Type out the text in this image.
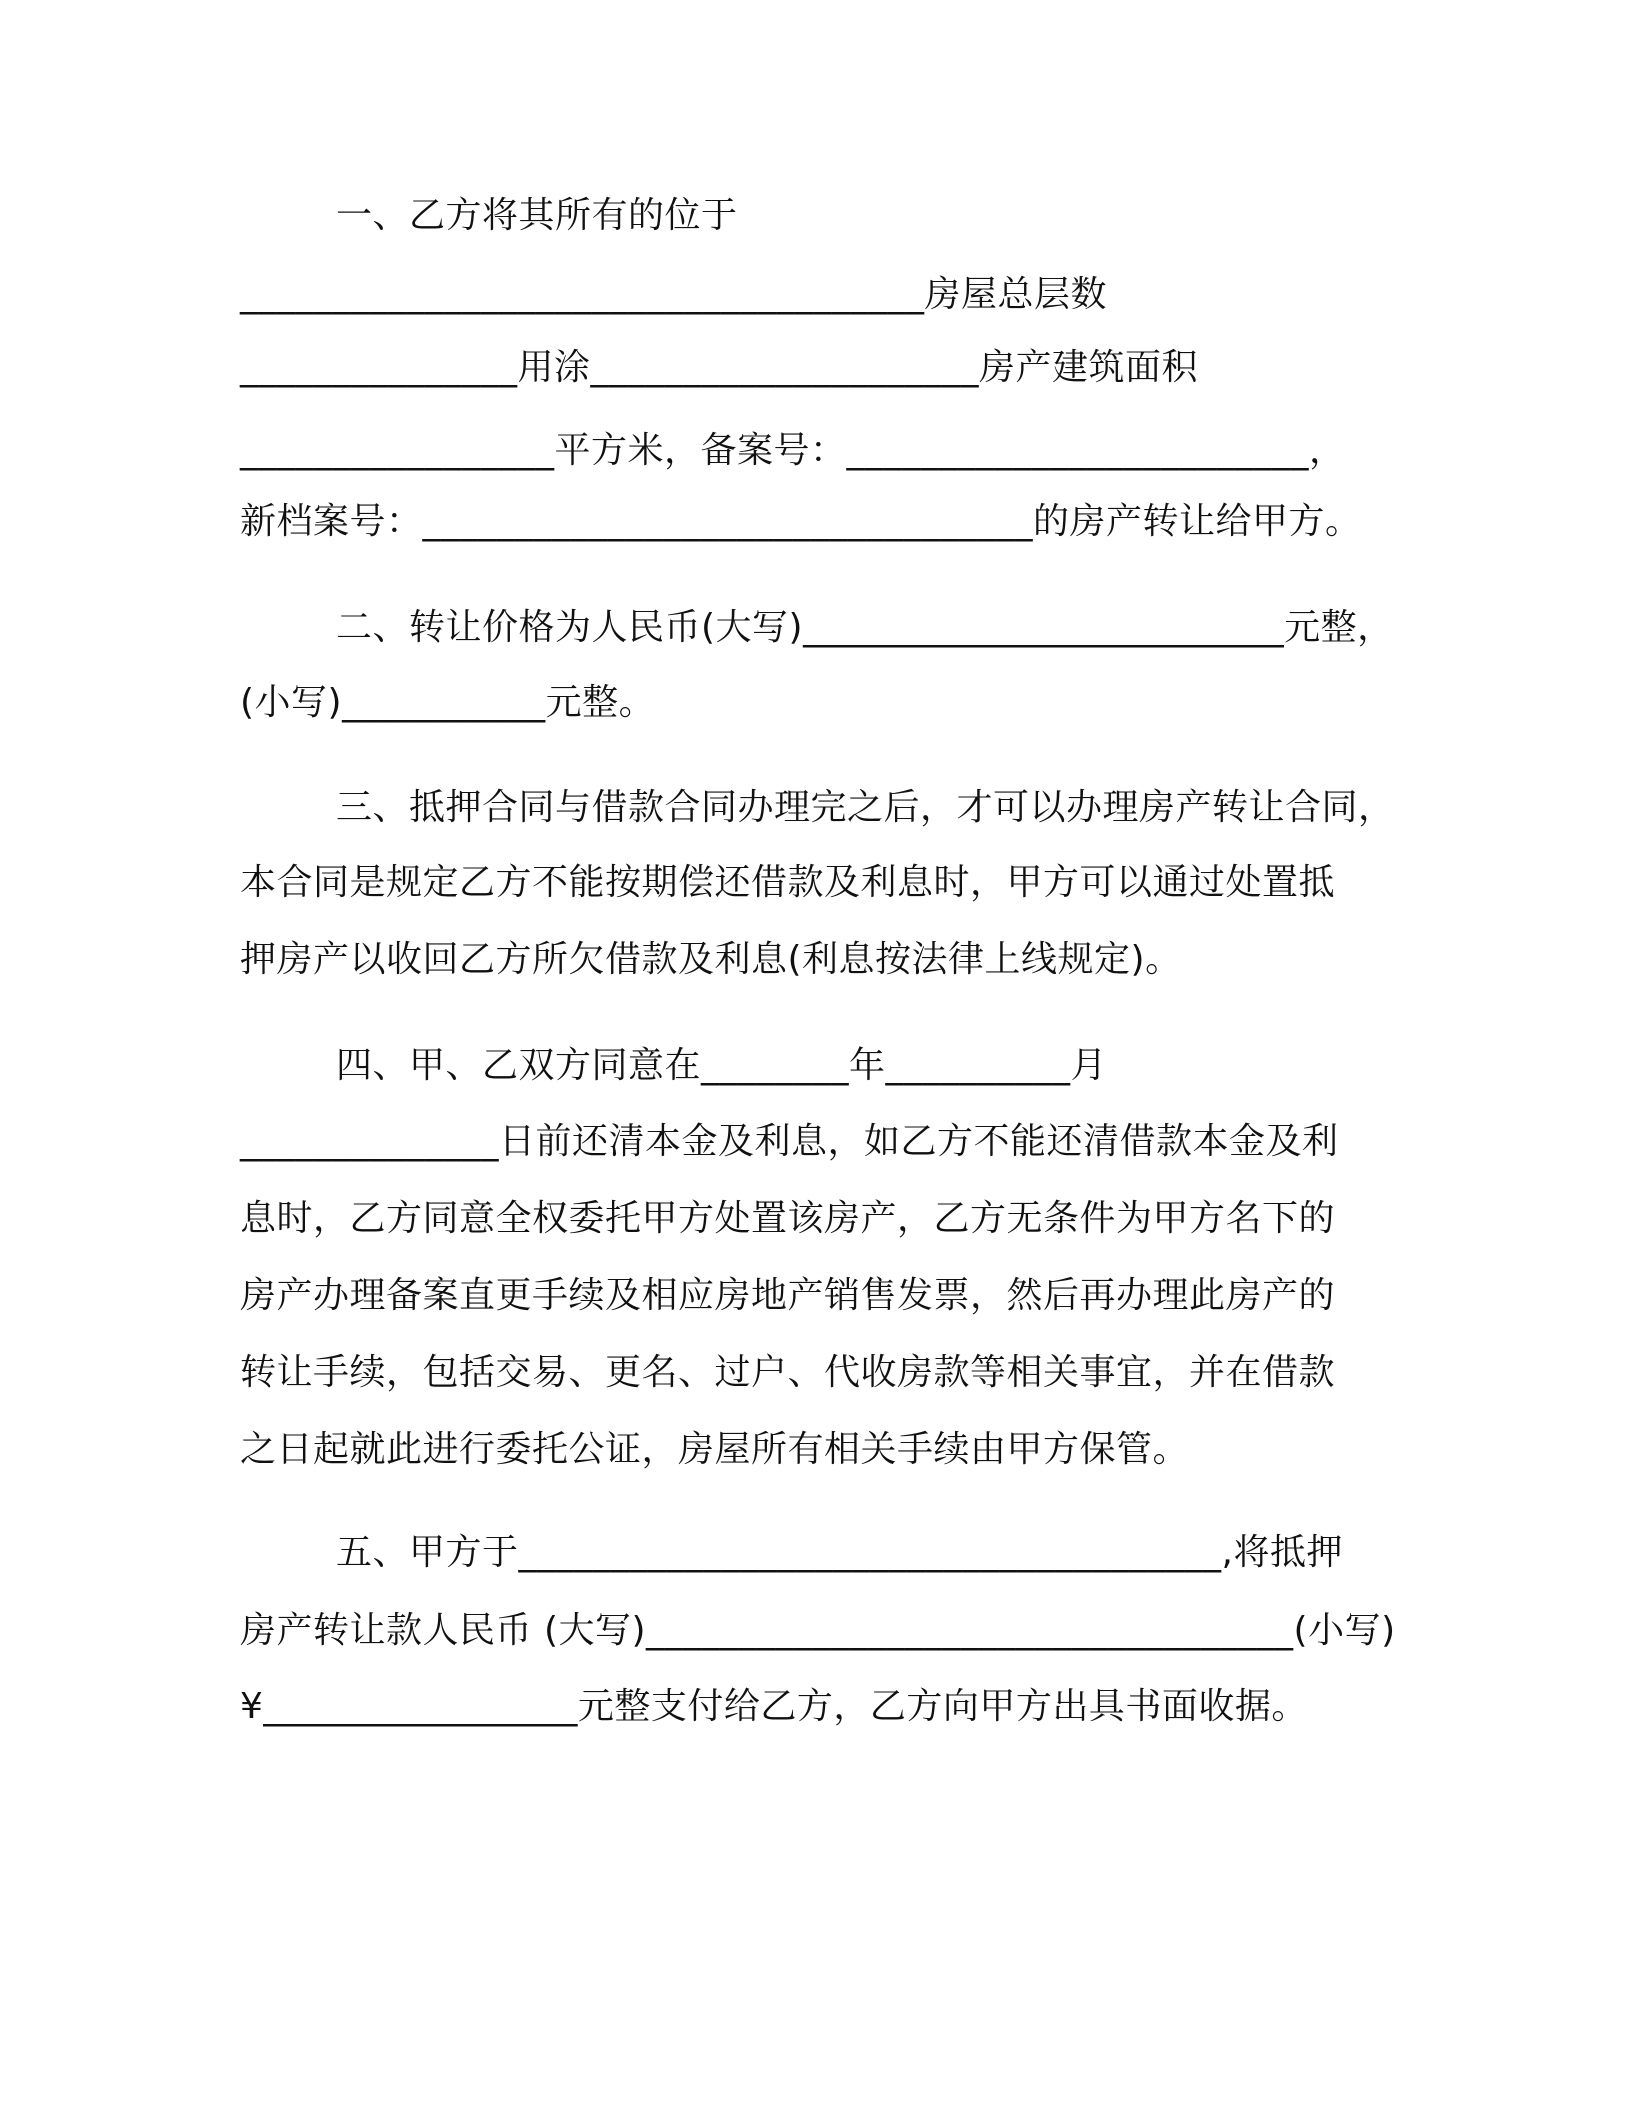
一、乙方将其所有的位于

_____________________________________房屋总层数

_______________用涂_____________________房产建筑面积

_________________平方米，备案号：_________________________，

新档案号：_________________________________的房产转让给甲方。

二、转让价格为人民币(大写)__________________________元整，

(小写)___________元整。

三、抵押合同与借款合同办理完之后，才可以办理房产转让合同，

本合同是规定乙方不能按期偿还借款及利息时，甲方可以通过处置抵

押房产以收回乙方所欠借款及利息(利息按法律上线规定)。

四、甲、乙双方同意在________年__________月

______________日前还清本金及利息，如乙方不能还清借款本金及利

息时，乙方同意全权委托甲方处置该房产，乙方无条件为甲方名下的

房产办理备案直更手续及相应房地产销售发票，然后再办理此房产的

转让手续，包括交易、更名、过户、代收房款等相关事宜，并在借款

之日起就此进行委托公证，房屋所有相关手续由甲方保管。

五、甲方于______________________________________,将抵押

房产转让款人民币 (大写)___________________________________(小写)

¥_________________元整支付给乙方，乙方向甲方出具书面收据。
